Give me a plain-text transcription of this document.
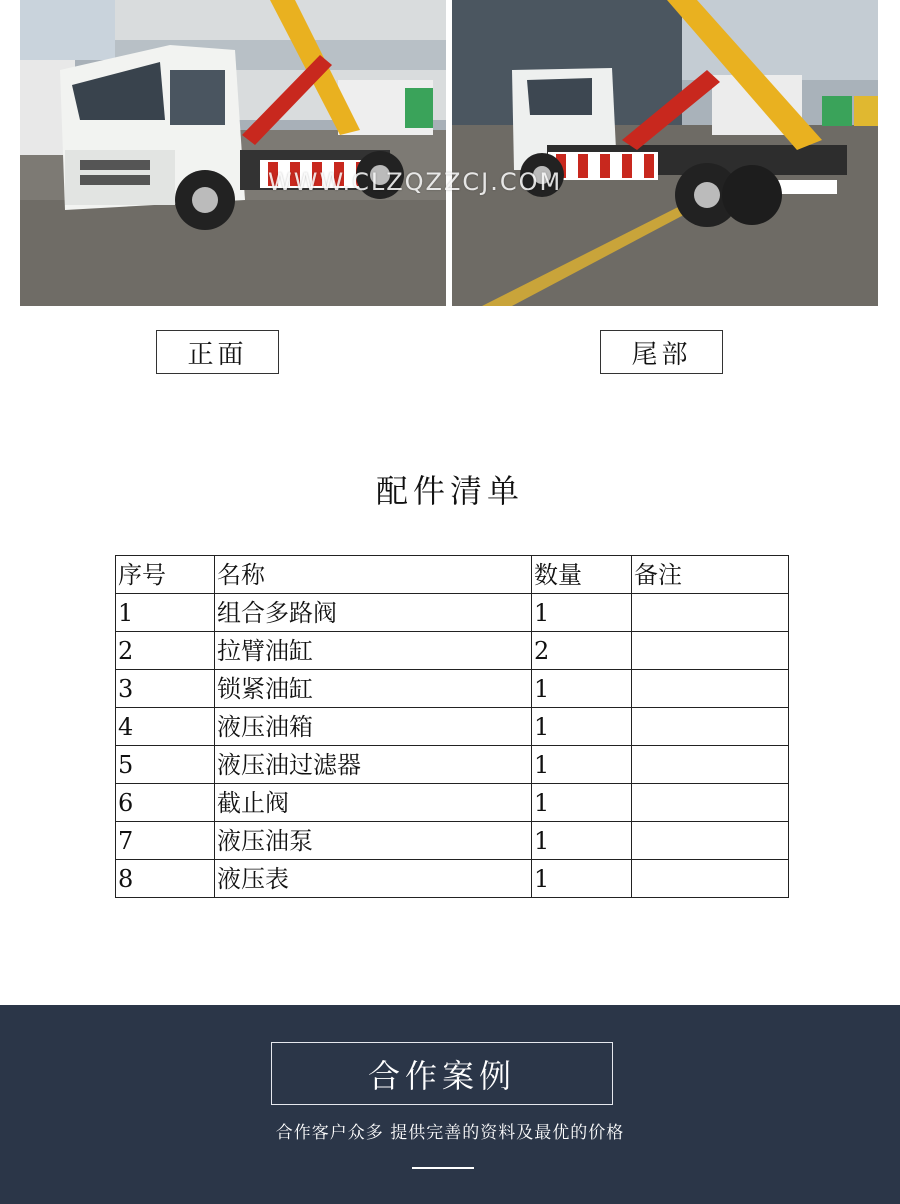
WWW.CLZQZZCJ.COM
正面	尾部
配件清单
序号	名称	数量	备注
1	组合多路阀	1	
2	拉臂油缸	2	
3	锁紧油缸	1	
4	液压油箱	1	
5	液压油过滤器	1	
6	截止阀	1	
7	液压油泵	1	
8	液压表	1	
合作案例
合作客户众多 提供完善的资料及最优的价格
